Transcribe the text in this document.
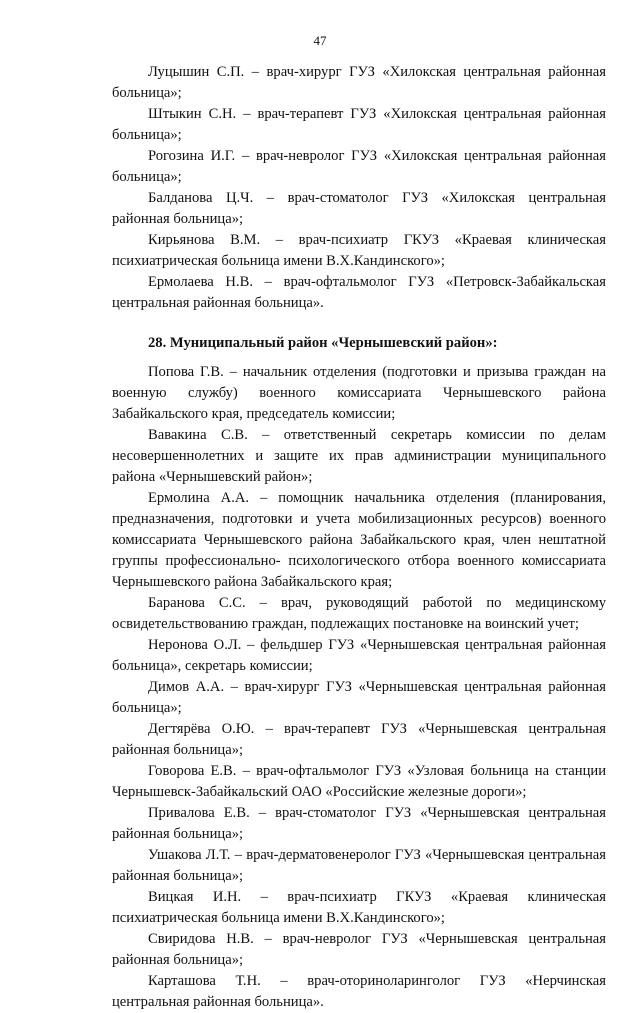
47

Луцышин С.П. – врач-хирург ГУЗ «Хилокская центральная районная больница»;

Штыкин С.Н. – врач-терапевт ГУЗ «Хилокская центральная районная больница»;

Рогозина И.Г. – врач-невролог ГУЗ «Хилокская центральная районная больница»;

Балданова Ц.Ч. – врач-стоматолог ГУЗ «Хилокская центральная районная больница»;

Кирьянова В.М. – врач-психиатр ГКУЗ «Краевая клиническая психиатрическая больница имени В.Х.Кандинского»;

Ермолаева Н.В. – врач-офтальмолог ГУЗ «Петровск-Забайкальская центральная районная больница».

28. Муниципальный район «Чернышевский район»:

Попова Г.В. – начальник отделения (подготовки и призыва граждан на военную службу) военного комиссариата Чернышевского района Забайкальского края, председатель комиссии;

Вавакина С.В. – ответственный секретарь комиссии по делам несовершеннолетних и защите их прав администрации муниципального района «Чернышевский район»;

Ермолина А.А. – помощник начальника отделения (планирования, предназначения, подготовки и учета мобилизационных ресурсов) военного комиссариата Чернышевского района Забайкальского края, член нештатной группы профессионально- психологического отбора военного комиссариата Чернышевского района Забайкальского края;

Баранова С.С. – врач, руководящий работой по медицинскому освидетельствованию граждан, подлежащих постановке на воинский учет;

Неронова О.Л. – фельдшер ГУЗ «Чернышевская центральная районная больница», секретарь комиссии;

Димов А.А. – врач-хирург ГУЗ «Чернышевская центральная районная больница»;

Дегтярёва О.Ю. – врач-терапевт ГУЗ «Чернышевская центральная районная больница»;

Говорова Е.В. – врач-офтальмолог ГУЗ «Узловая больница на станции Чернышевск-Забайкальский ОАО «Российские железные дороги»;

Привалова Е.В. – врач-стоматолог ГУЗ «Чернышевская центральная районная больница»;

Ушакова Л.Т. – врач-дерматовенеролог ГУЗ «Чернышевская центральная районная больница»;

Вицкая И.Н. – врач-психиатр ГКУЗ «Краевая клиническая психиатрическая больница имени В.Х.Кандинского»;

Свиридова Н.В. – врач-невролог ГУЗ «Чернышевская центральная районная больница»;

Карташова Т.Н. – врач-оториноларинголог ГУЗ «Нерчинская центральная районная больница».
